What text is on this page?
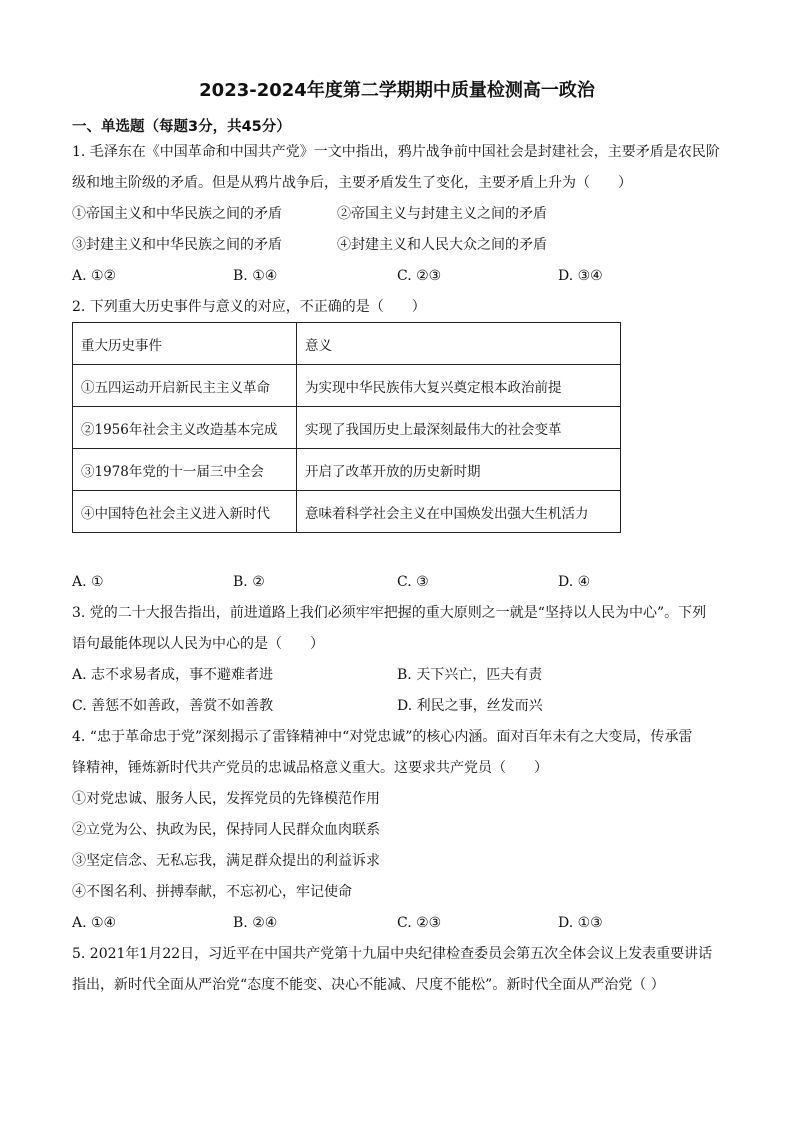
2023-2024年度第二学期期中质量检测高一政治
一、单选题（每题3分，共45分）
1. 毛泽东在《中国革命和中国共产党》一文中指出，鸦片战争前中国社会是封建社会，主要矛盾是农民阶
级和地主阶级的矛盾。但是从鸦片战争后，主要矛盾发生了变化，主要矛盾上升为（　　）
①帝国主义和中华民族之间的矛盾	②帝国主义与封建主义之间的矛盾
③封建主义和中华民族之间的矛盾	④封建主义和人民大众之间的矛盾
A. ①②	B. ①④	C. ②③	D. ③④
2. 下列重大历史事件与意义的对应，不正确的是（　　）
重大历史事件	意义
①五四运动开启新民主主义革命	为实现中华民族伟大复兴奠定根本政治前提
②1956年社会主义改造基本完成	实现了我国历史上最深刻最伟大的社会变革
③1978年党的十一届三中全会	开启了改革开放的历史新时期
④中国特色社会主义进入新时代	意味着科学社会主义在中国焕发出强大生机活力
A. ①	B. ②	C. ③	D. ④
3. 党的二十大报告指出，前进道路上我们必须牢牢把握的重大原则之一就是“坚持以人民为中心”。下列
语句最能体现以人民为中心的是（　　）
A. 志不求易者成，事不避难者进	B. 天下兴亡，匹夫有责
C. 善惩不如善政，善赏不如善教	D. 利民之事，丝发而兴
4. “忠于革命忠于党”深刻揭示了雷锋精神中“对党忠诚”的核心内涵。面对百年未有之大变局，传承雷
锋精神，锤炼新时代共产党员的忠诚品格意义重大。这要求共产党员（　　）
①对党忠诚、服务人民，发挥党员的先锋模范作用
②立党为公、执政为民，保持同人民群众血肉联系
③坚定信念、无私忘我，满足群众提出的利益诉求
④不图名利、拼搏奉献，不忘初心，牢记使命
A. ①④	B. ②④	C. ②③	D. ①③
5. 2021年1月22日，习近平在中国共产党第十九届中央纪律检查委员会第五次全体会议上发表重要讲话
指出，新时代全面从严治党“态度不能变、决心不能减、尺度不能松”。新时代全面从严治党（ ）
